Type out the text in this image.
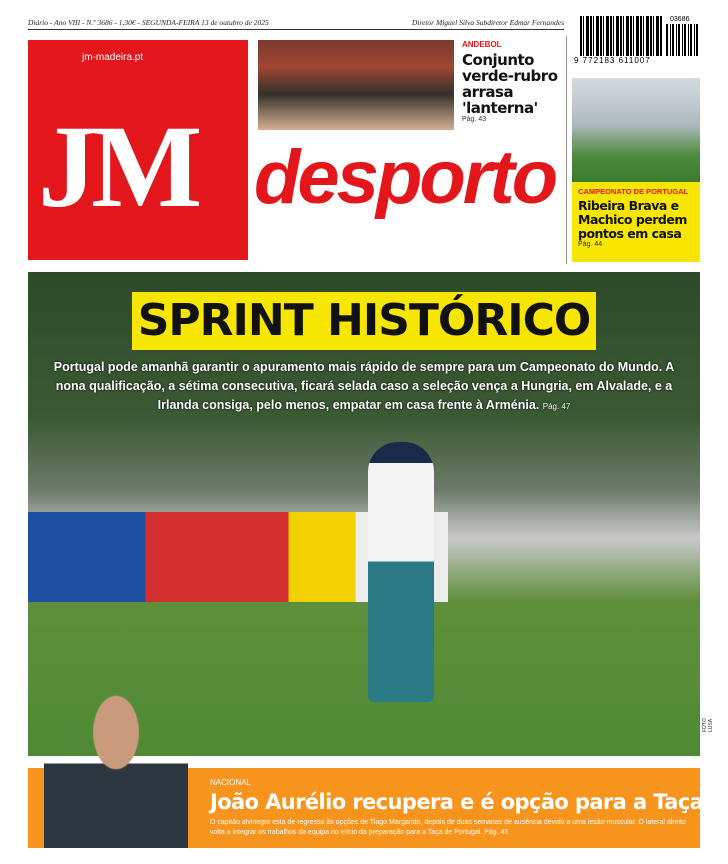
Diário - Ano VIII - N.º 3686 - 1,30€ - SEGUNDA-FEIRA 13 de outubro de 2025	Diretor Miguel Silva Subdiretor Edmar Fernandes	03686
9 772183 611007
jm-madeira.pt
JM desporto
ANDEBOL
Conjunto verde-rubro arrasa 'lanterna'
Pág. 43
CAMPEONATO DE PORTUGAL
Ribeira Brava e Machico perdem pontos em casa
Pág. 44
SPRINT HISTÓRICO
Portugal pode amanhã garantir o apuramento mais rápido de sempre para um Campeonato do Mundo. A nona qualificação, a sétima consecutiva, ficará selada caso a seleção vença a Hungria, em Alvalade, e a Irlanda consiga, pelo menos, empatar em casa frente à Arménia. Pág. 47
FOTO LUSA
NACIONAL
João Aurélio recupera e é opção para a Taça
O capitão alvinegro está de regresso às opções de Tiago Margarido, depois de duas semanas de ausência devido a uma lesão muscular. O lateral direito volta a integrar os trabalhos da equipa no início da preparação para a Taça de Portugal. Pág. 45
